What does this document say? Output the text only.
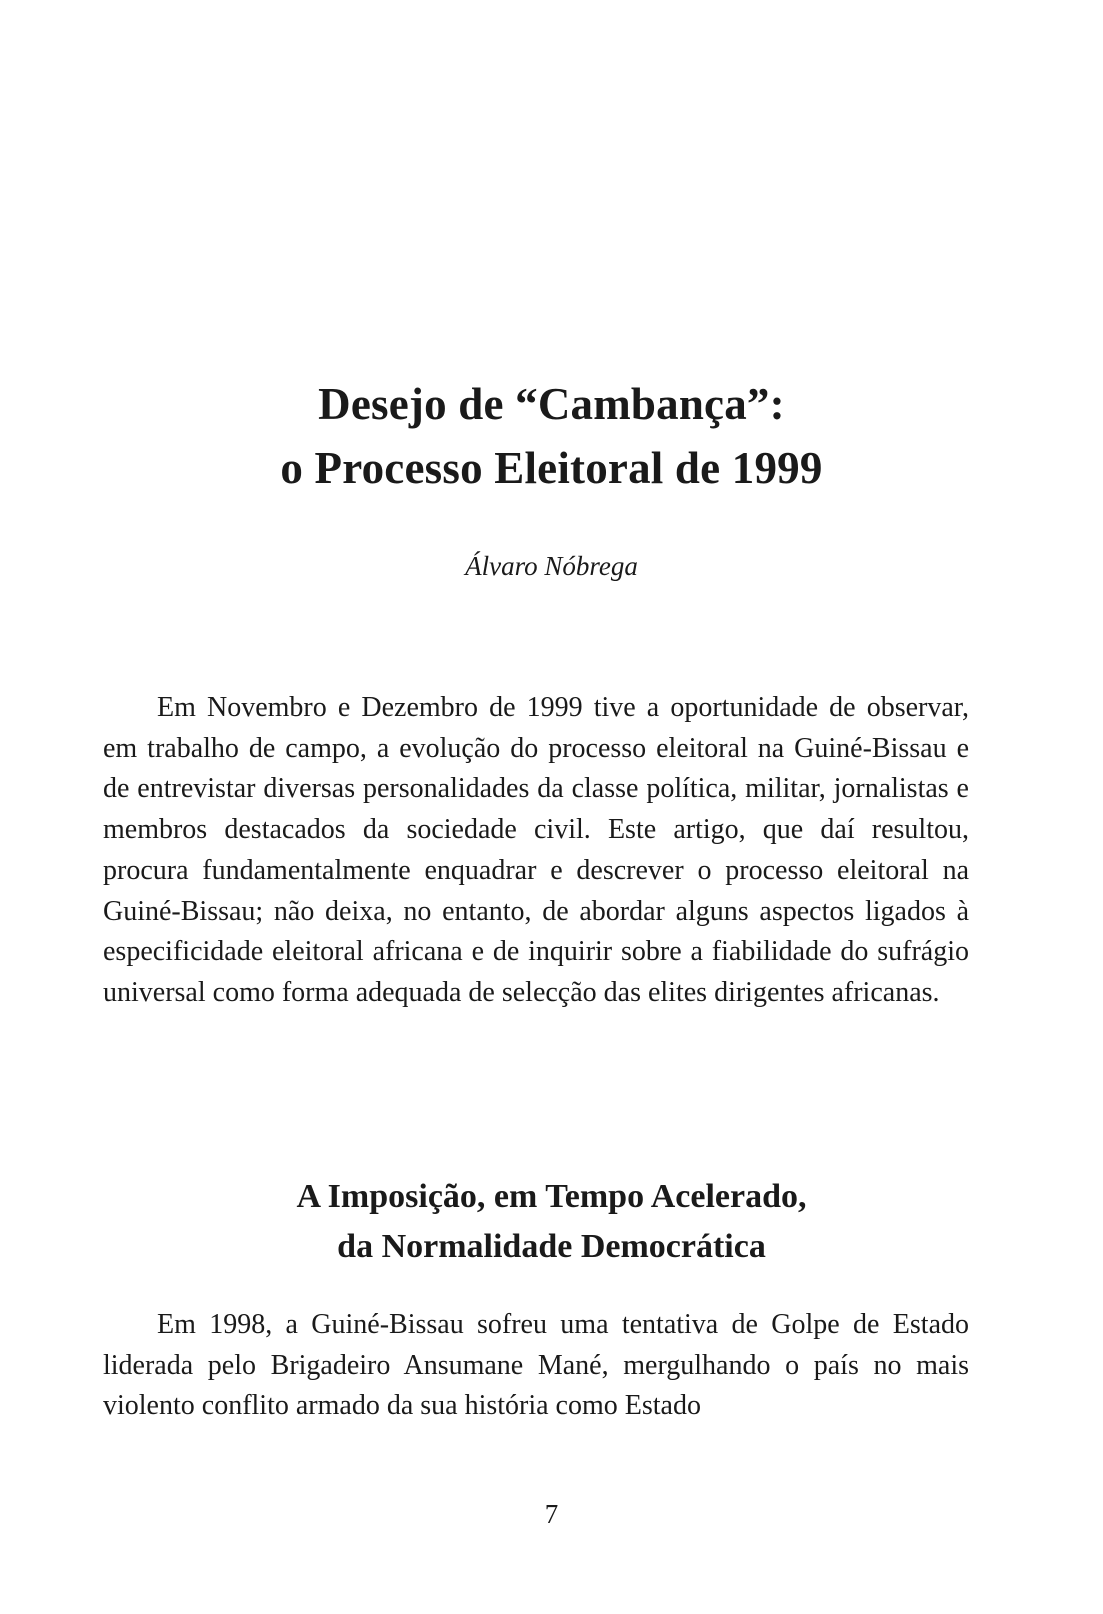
Desejo de “Cambança”:

o Processo Eleitoral de 1999

Álvaro Nóbrega

Em Novembro e Dezembro de 1999 tive a oportunidade de observar, em trabalho de campo, a evolução do processo eleitoral na Guiné-Bissau e de entrevistar diversas personalidades da classe política, militar, jornalistas e membros destacados da sociedade civil. Este artigo, que daí resultou, procura fundamentalmente enquadrar e descrever o processo eleitoral na Guiné-Bissau; não deixa, no entanto, de abordar alguns aspectos ligados à especificidade eleitoral africana e de inquirir sobre a fiabilidade do sufrágio universal como forma adequada de selecção das elites dirigentes africanas.

A Imposição, em Tempo Acelerado,

da Normalidade Democrática

Em 1998, a Guiné-Bissau sofreu uma tentativa de Golpe de Estado liderada pelo Brigadeiro Ansumane Mané, mergulhando o país no mais violento conflito armado da sua história como Estado

7
